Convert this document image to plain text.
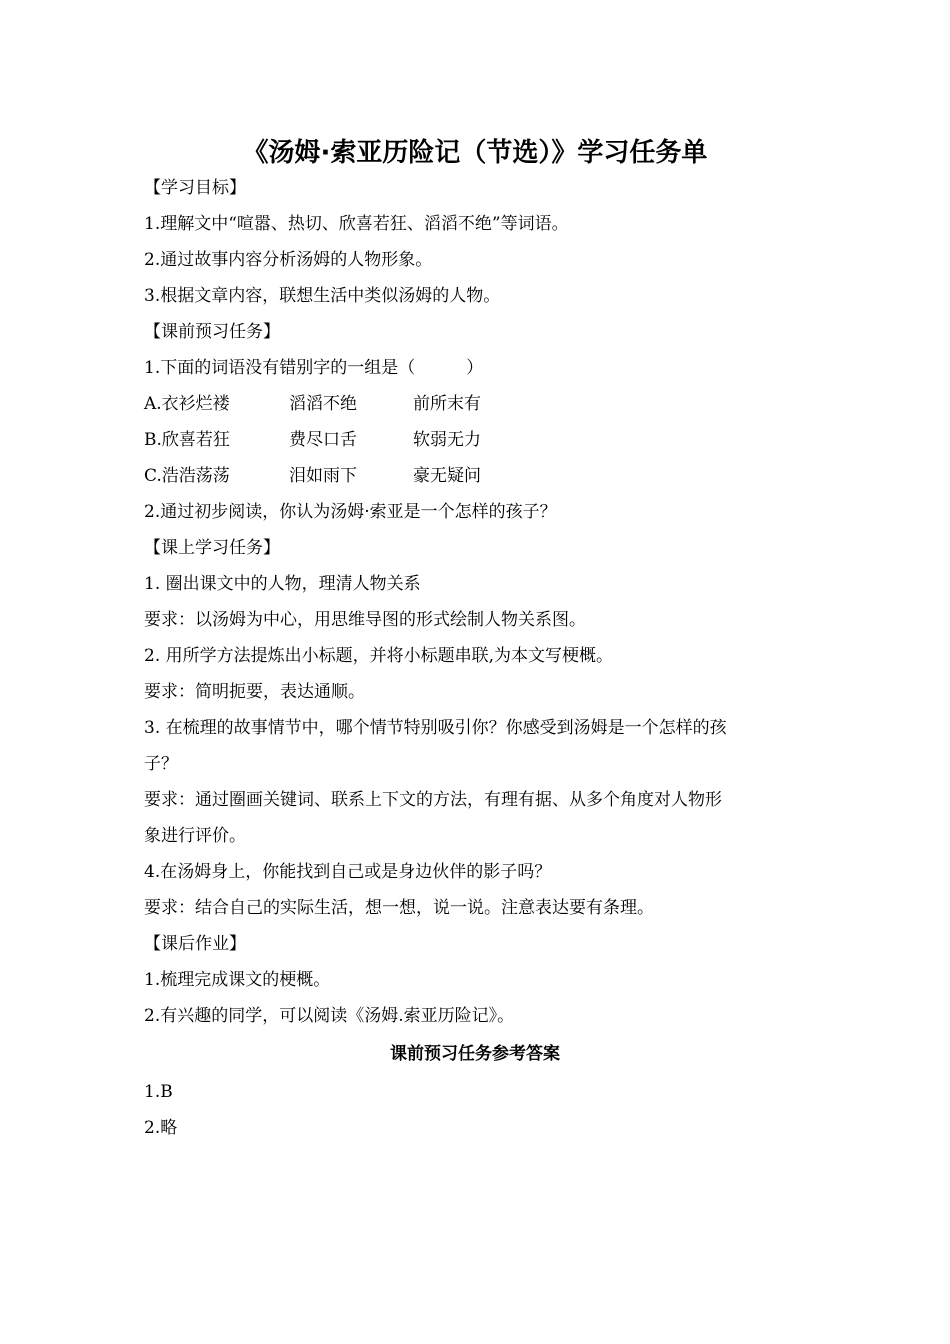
《汤姆·索亚历险记（节选）》学习任务单
【学习目标】
1.理解文中“喧嚣、热切、欣喜若狂、滔滔不绝”等词语。
2.通过故事内容分析汤姆的人物形象。
3.根据文章内容，联想生活中类似汤姆的人物。
【课前预习任务】
1.下面的词语没有错别字的一组是（　　　）
A.衣衫烂褛	滔滔不绝	前所末有
B.欣喜若狂	费尽口舌	软弱无力
C.浩浩荡荡	泪如雨下	豪无疑问
2.通过初步阅读，你认为汤姆·索亚是一个怎样的孩子？
【课上学习任务】
1. 圈出课文中的人物，理清人物关系
要求：以汤姆为中心，用思维导图的形式绘制人物关系图。
2. 用所学方法提炼出小标题，并将小标题串联,为本文写梗概。
要求：简明扼要，表达通顺。
3. 在梳理的故事情节中，哪个情节特别吸引你？你感受到汤姆是一个怎样的孩
子？
要求：通过圈画关键词、联系上下文的方法，有理有据、从多个角度对人物形
象进行评价。
4.在汤姆身上，你能找到自己或是身边伙伴的影子吗？
要求：结合自己的实际生活，想一想，说一说。注意表达要有条理。
【课后作业】
1.梳理完成课文的梗概。
2.有兴趣的同学，可以阅读《汤姆.索亚历险记》。
课前预习任务参考答案
1.B
2.略
